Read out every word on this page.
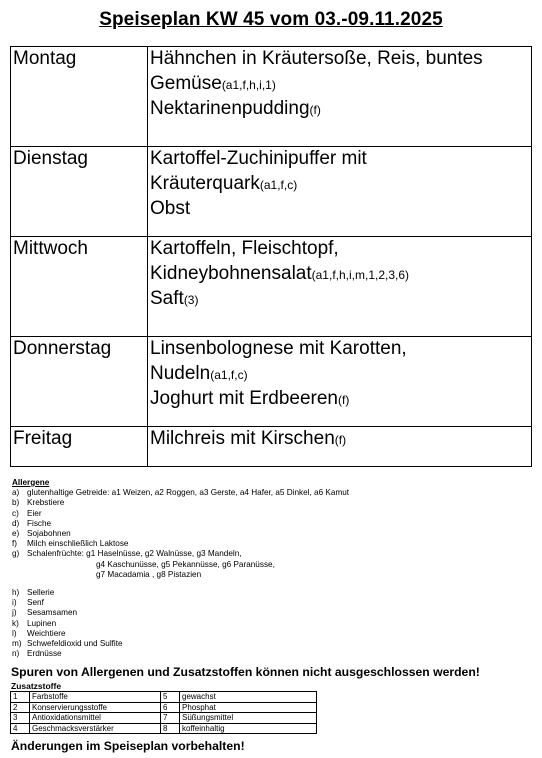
Speiseplan KW 45 vom 03.-09.11.2025
Montag	Hähnchen in Kräutersoße, Reis, buntes
Gemüse(a1,f,h,i,1)
Nektarinenpudding(f)

Dienstag	Kartoffel-Zuchinipuffer mit
Kräuterquark(a1,f,c)
Obst

Mittwoch	Kartoffeln, Fleischtopf,
Kidneybohnensalat(a1,f,h,i,m,1,2,3,6)
Saft(3)

Donnerstag	Linsenbolognese mit Karotten,
Nudeln(a1,f,c)
Joghurt mit Erdbeeren(f)

Freitag	Milchreis mit Kirschen(f)
Allergene
a) glutenhaltige Getreide: a1 Weizen, a2 Roggen, a3 Gerste, a4 Hafer, a5 Dinkel, a6 Kamut
b) Krebstiere
c) Eier
d) Fische
e) Sojabohnen
f)	Milch einschließlich Laktose
g) Schalenfrüchte: g1 Haselnüsse, g2 Walnüsse, g3 Mandeln,
g4 Kaschunüsse, g5 Pekannüsse, g6 Paranüsse,
g7 Macadamia , g8 Pistazien
h) Sellerie
i)	Senf
j)	Sesamsamen
k) Lupinen
l)	Weichtiere
m) Schwefeldioxid und Sulfite
n) Erdnüsse
Spuren von Allergenen und Zusatzstoffen können nicht ausgeschlossen werden!
Zusatzstoffe
1	Farbstoffe	5	gewachst
2	Konservierungsstoffe	6	Phosphat
3	Antioxidationsmittel	7	Süßungsmittel
4	Geschmacksverstärker	8	koffeinhaltig
Änderungen im Speiseplan vorbehalten!
